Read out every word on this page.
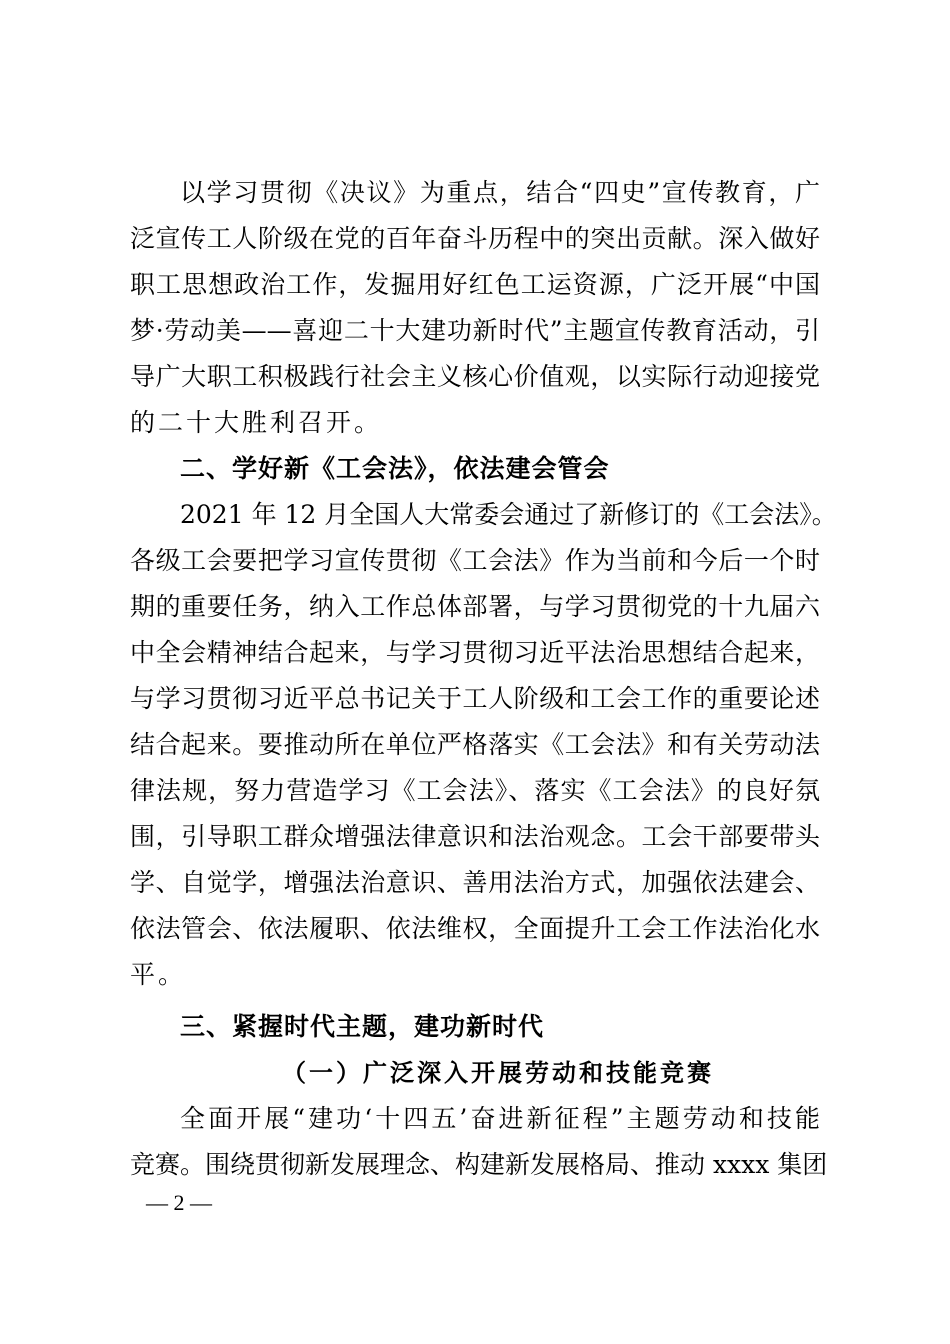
以学习贯彻《决议》为重点，结合“四史”宣传教育，广
泛宣传工人阶级在党的百年奋斗历程中的突出贡献。深入做好
职工思想政治工作，发掘用好红色工运资源，广泛开展“中国
梦·劳动美——喜迎二十大建功新时代”主题宣传教育活动，引
导广大职工积极践行社会主义核心价值观，以实际行动迎接党
的二十大胜利召开。
二、学好新《工会法》，依法建会管会
2021 年 12 月全国人大常委会通过了新修订的《工会法》。
各级工会要把学习宣传贯彻《工会法》作为当前和今后一个时
期的重要任务，纳入工作总体部署，与学习贯彻党的十九届六
中全会精神结合起来，与学习贯彻习近平法治思想结合起来，
与学习贯彻习近平总书记关于工人阶级和工会工作的重要论述
结合起来。要推动所在单位严格落实《工会法》和有关劳动法
律法规，努力营造学习《工会法》、落实《工会法》的良好氛
围，引导职工群众增强法律意识和法治观念。工会干部要带头
学、自觉学，增强法治意识、善用法治方式，加强依法建会、
依法管会、依法履职、依法维权，全面提升工会工作法治化水
平。
三、紧握时代主题，建功新时代
（一）广泛深入开展劳动和技能竞赛
全面开展“建功‘十四五’奋进新征程”主题劳动和技能
竞赛。围绕贯彻新发展理念、构建新发展格局、推动 xxxx 集团
— 2 —
